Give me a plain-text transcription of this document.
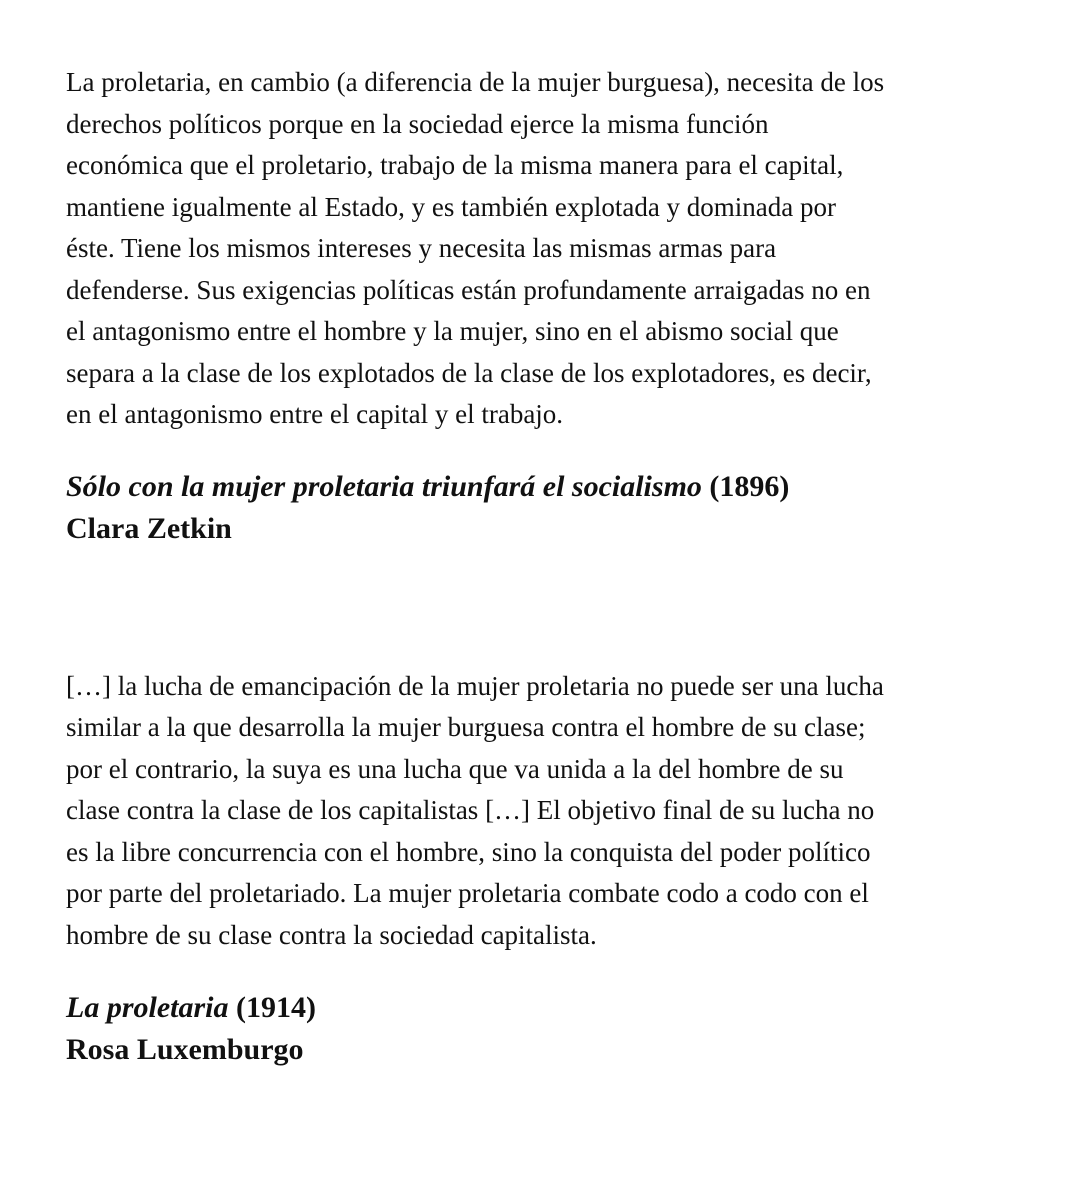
La proletaria, en cambio (a diferencia de la mujer burguesa), necesita de los
derechos políticos porque en la sociedad ejerce la misma función
económica que el proletario, trabajo de la misma manera para el capital,
mantiene igualmente al Estado, y es también explotada y dominada por
éste. Tiene los mismos intereses y necesita las mismas armas para
defenderse. Sus exigencias políticas están profundamente arraigadas no en
el antagonismo entre el hombre y la mujer, sino en el abismo social que
separa a la clase de los explotados de la clase de los explotadores, es decir,
en el antagonismo entre el capital y el trabajo.

Sólo con la mujer proletaria triunfará el socialismo (1896)
Clara Zetkin

[…] la lucha de emancipación de la mujer proletaria no puede ser una lucha
similar a la que desarrolla la mujer burguesa contra el hombre de su clase;
por el contrario, la suya es una lucha que va unida a la del hombre de su
clase contra la clase de los capitalistas […] El objetivo final de su lucha no
es la libre concurrencia con el hombre, sino la conquista del poder político
por parte del proletariado. La mujer proletaria combate codo a codo con el
hombre de su clase contra la sociedad capitalista.

La proletaria (1914)
Rosa Luxemburgo
